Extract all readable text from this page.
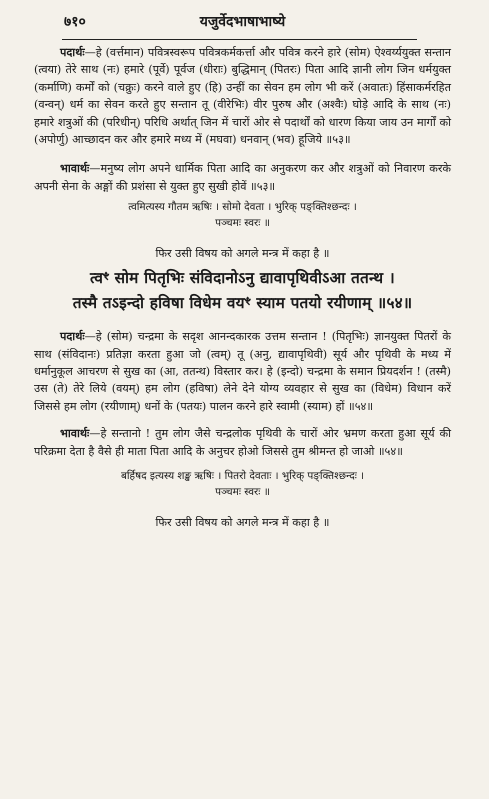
७१०	यजुर्वेदभाषाभाष्ये

पदार्थः—हे (वर्त्तमान) पवित्रस्वरूप पवित्रकर्मकर्त्ता और पवित्र करने हारे (सोम) ऐश्वर्य्ययुक्त सन्तान (त्वया) तेरे साथ (नः) हमारे (पूर्वे) पूर्वज (धीराः) बुद्धिमान् (पितरः) पिता आदि ज्ञानी लोग जिन धर्मयुक्त (कर्माणि) कर्मों को (चक्रुः) करने वाले हुए (हि) उन्हीं का सेवन हम लोग भी करें (अवातः) हिंसाकर्मरहित (वन्वन्) धर्म का सेवन करते हुए सन्तान तू (वीरेभिः) वीर पुरुष और (अश्वैः) घोड़े आदि के साथ (नः) हमारे शत्रुओं की (परिधीन्) परिधि अर्थात् जिन में चारों ओर से पदार्थों को धारण किया जाय उन मार्गों को (अपोर्णु) आच्छादन कर और हमारे मध्य में (मघवा) धनवान् (भव) हूजिये ॥५३॥

भावार्थः—मनुष्य लोग अपने धार्मिक पिता आदि का अनुकरण कर और शत्रुओं को निवारण करके अपनी सेना के अङ्गों की प्रशंसा से युक्त हुए सुखी होवें ॥५३॥

त्वमित्यस्य गौतम ऋषिः । सोमो देवता । भुरिक् पङ्क्तिश्छन्दः ।

पञ्चमः स्वरः ॥

फिर उसी विषय को अगले मन्त्र में कहा है ॥

त्वꣳ सोम पितृभिः संविदानोऽनु द्यावापृथिवीऽआ ततन्थ ।

तस्मै तऽइन्दो हविषा विधेम वयꣳ स्याम पतयो रयीणाम् ॥५४॥

पदार्थः—हे (सोम) चन्द्रमा के सदृश आनन्दकारक उत्तम सन्तान ! (पितृभिः) ज्ञानयुक्त पितरों के साथ (संविदानः) प्रतिज्ञा करता हुआ जो (त्वम्) तू (अनु, द्यावापृथिवी) सूर्य और पृथिवी के मध्य में धर्मानुकूल आचरण से सुख का (आ, ततन्थ) विस्तार कर। हे (इन्दो) चन्द्रमा के समान प्रियदर्शन ! (तस्मै) उस (ते) तेरे लिये (वयम्) हम लोग (हविषा) लेने देने योग्य व्यवहार से सुख का (विधेम) विधान करें जिससे हम लोग (रयीणाम्) धनों के (पतयः) पालन करने हारे स्वामी (स्याम) हों ॥५४॥

भावार्थः—हे सन्तानो ! तुम लोग जैसे चन्द्रलोक पृथिवी के चारों ओर भ्रमण करता हुआ सूर्य की परिक्रमा देता है वैसे ही माता पिता आदि के अनुचर होओ जिससे तुम श्रीमन्त हो जाओ ॥५४॥

बर्हिषद इत्यस्य शङ्ख ऋषिः । पितरो देवताः । भुरिक् पङ्क्तिश्छन्दः ।

पञ्चमः स्वरः ॥

फिर उसी विषय को अगले मन्त्र में कहा है ॥
